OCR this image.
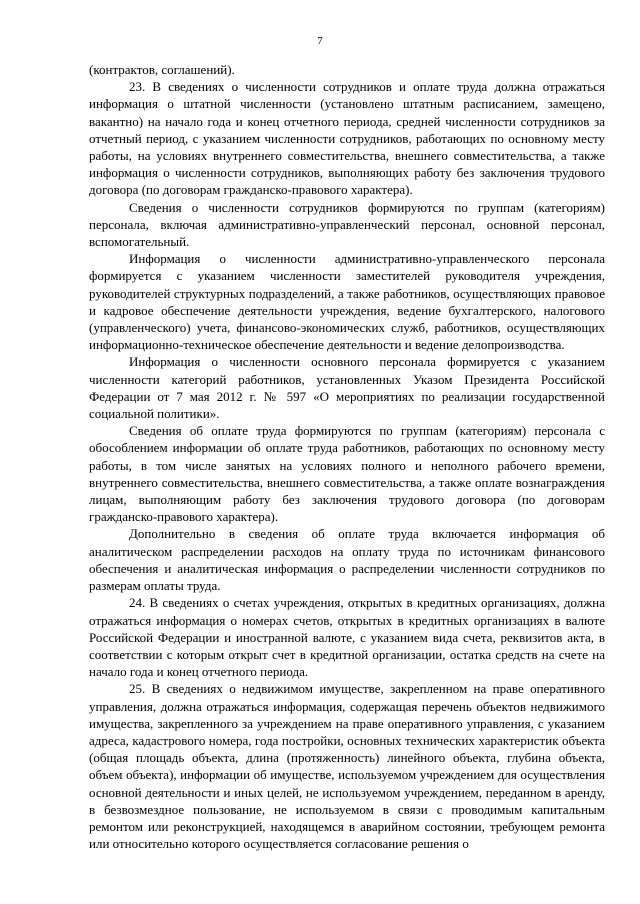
7

(контрактов, соглашений).

23. В сведениях о численности сотрудников и оплате труда должна отражаться информация о штатной численности (установлено штатным расписанием, замещено, вакантно) на начало года и конец отчетного периода, средней численности сотрудников за отчетный период, с указанием численности сотрудников, работающих по основному месту работы, на условиях внутреннего совместительства, внешнего совместительства, а также информация о численности сотрудников, выполняющих работу без заключения трудового договора (по договорам гражданско-правового характера).

Сведения о численности сотрудников формируются по группам (категориям) персонала, включая административно-управленческий персонал, основной персонал, вспомогательный.

Информация о численности административно-управленческого персонала формируется с указанием численности заместителей руководителя учреждения, руководителей структурных подразделений, а также работников, осуществляющих правовое и кадровое обеспечение деятельности учреждения, ведение бухгалтерского, налогового (управленческого) учета, финансово-экономических служб, работников, осуществляющих информационно-техническое обеспечение деятельности и ведение делопроизводства.

Информация о численности основного персонала формируется с указанием численности категорий работников, установленных Указом Президента Российской Федерации от 7 мая 2012 г. № 597 «О мероприятиях по реализации государственной социальной политики».

Сведения об оплате труда формируются по группам (категориям) персонала с обособлением информации об оплате труда работников, работающих по основному месту работы, в том числе занятых на условиях полного и неполного рабочего времени, внутреннего совместительства, внешнего совместительства, а также оплате вознаграждения лицам, выполняющим работу без заключения трудового договора (по договорам гражданско-правового характера).

Дополнительно в сведения об оплате труда включается информация об аналитическом распределении расходов на оплату труда по источникам финансового обеспечения и аналитическая информация о распределении численности сотрудников по размерам оплаты труда.

24. В сведениях о счетах учреждения, открытых в кредитных организациях, должна отражаться информация о номерах счетов, открытых в кредитных организациях в валюте Российской Федерации и иностранной валюте, с указанием вида счета, реквизитов акта, в соответствии с которым открыт счет в кредитной организации, остатка средств на счете на начало года и конец отчетного периода.

25. В сведениях о недвижимом имуществе, закрепленном на праве оперативного управления, должна отражаться информация, содержащая перечень объектов недвижимого имущества, закрепленного за учреждением на праве оперативного управления, с указанием адреса, кадастрового номера, года постройки, основных технических характеристик объекта (общая площадь объекта, длина (протяженность) линейного объекта, глубина объекта, объем объекта), информации об имуществе, используемом учреждением для осуществления основной деятельности и иных целей, не используемом учреждением, переданном в аренду, в безвозмездное пользование, не используемом в связи с проводимым капитальным ремонтом или реконструкцией, находящемся в аварийном состоянии, требующем ремонта или относительно которого осуществляется согласование решения о
